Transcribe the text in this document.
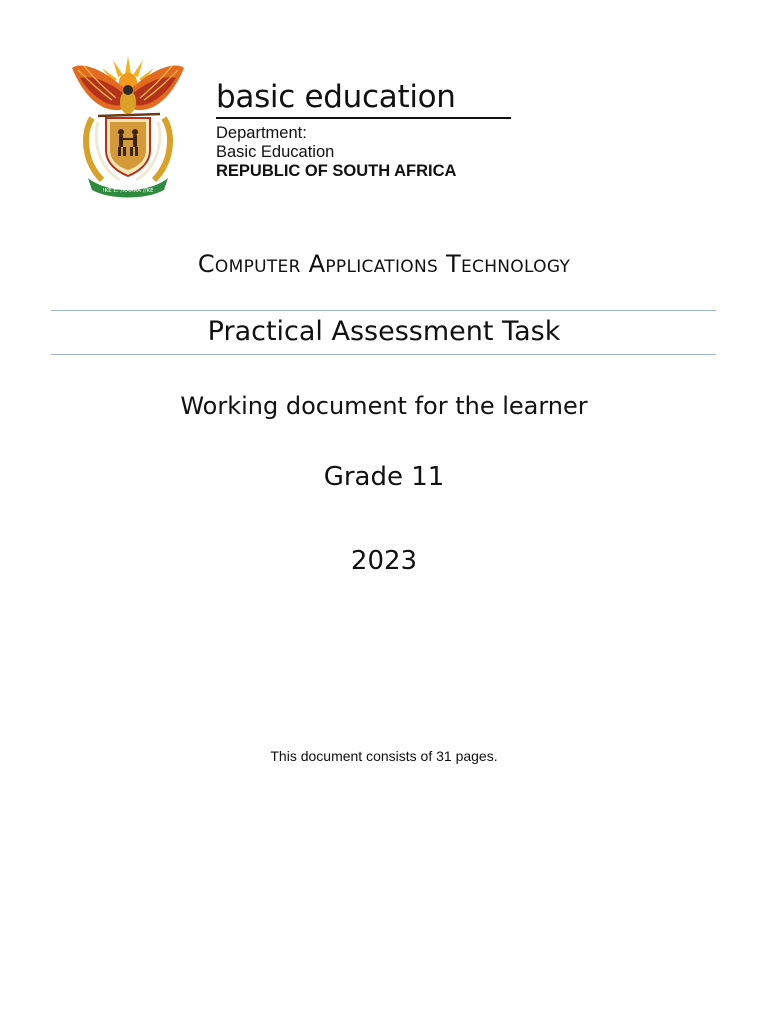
!KE E: /XARRA //KE
basic education
Department:
Basic Education
REPUBLIC OF SOUTH AFRICA
Computer Applications Technology
Practical Assessment Task
Working document for the learner
Grade 11
2023
This document consists of 31 pages.
